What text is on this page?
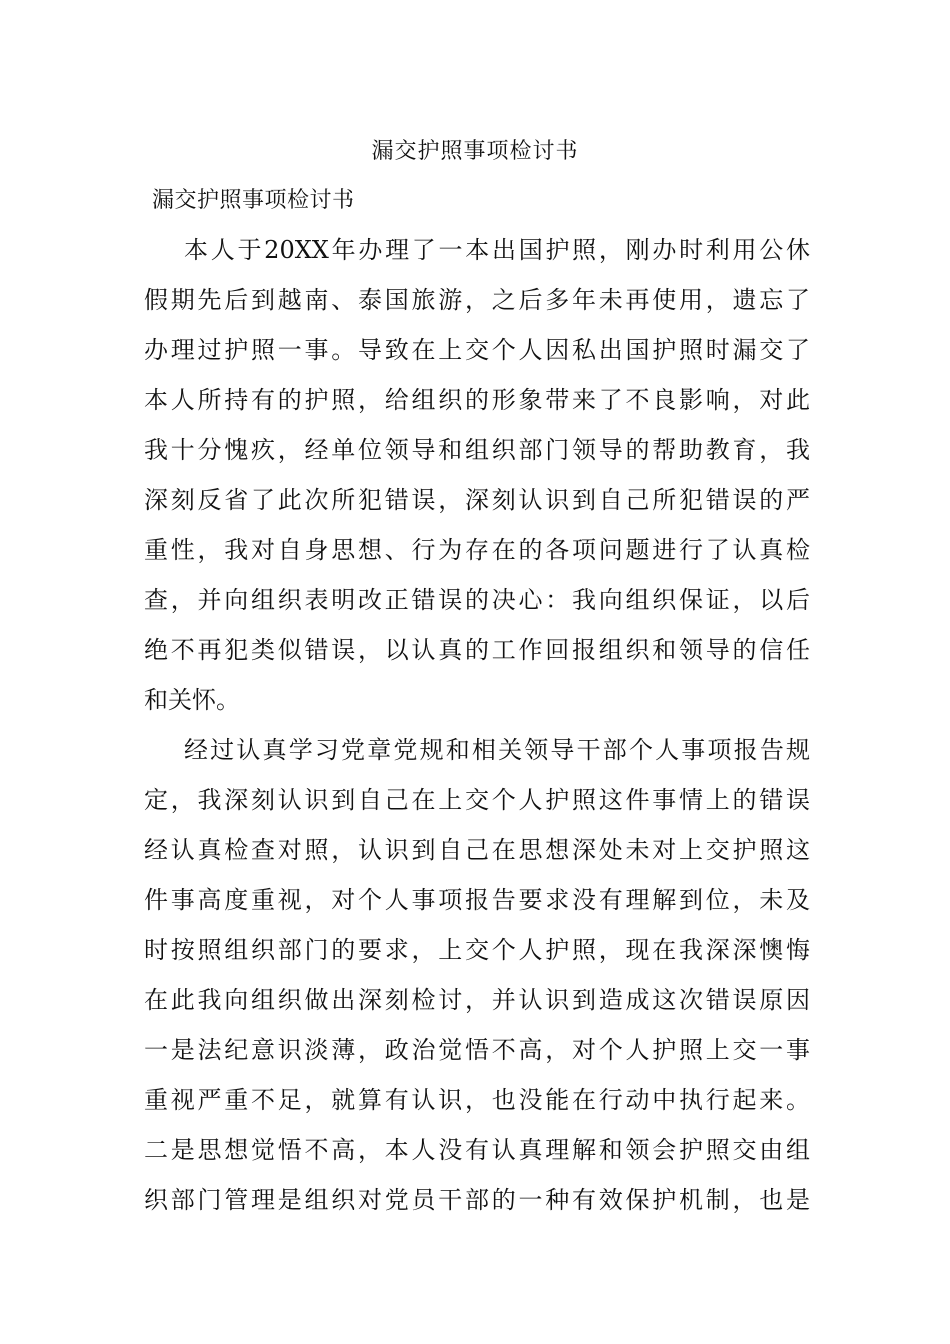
漏交护照事项检讨书
漏交护照事项检讨书
本人于20XX年办理了一本出国护照，刚办时利用公休
假期先后到越南、泰国旅游，之后多年未再使用，遗忘了
办理过护照一事。导致在上交个人因私出国护照时漏交了
本人所持有的护照，给组织的形象带来了不良影响，对此
我十分愧疚，经单位领导和组织部门领导的帮助教育，我
深刻反省了此次所犯错误，深刻认识到自己所犯错误的严
重性，我对自身思想、行为存在的各项问题进行了认真检
查，并向组织表明改正错误的决心：我向组织保证，以后
绝不再犯类似错误，以认真的工作回报组织和领导的信任
和关怀。
经过认真学习党章党规和相关领导干部个人事项报告规
定，我深刻认识到自己在上交个人护照这件事情上的错误
经认真检查对照，认识到自己在思想深处未对上交护照这
件事高度重视，对个人事项报告要求没有理解到位，未及
时按照组织部门的要求，上交个人护照，现在我深深懊悔
在此我向组织做出深刻检讨，并认识到造成这次错误原因
一是法纪意识淡薄，政治觉悟不高，对个人护照上交一事
重视严重不足，就算有认识，也没能在行动中执行起来。
二是思想觉悟不高，本人没有认真理解和领会护照交由组
织部门管理是组织对党员干部的一种有效保护机制，也是
